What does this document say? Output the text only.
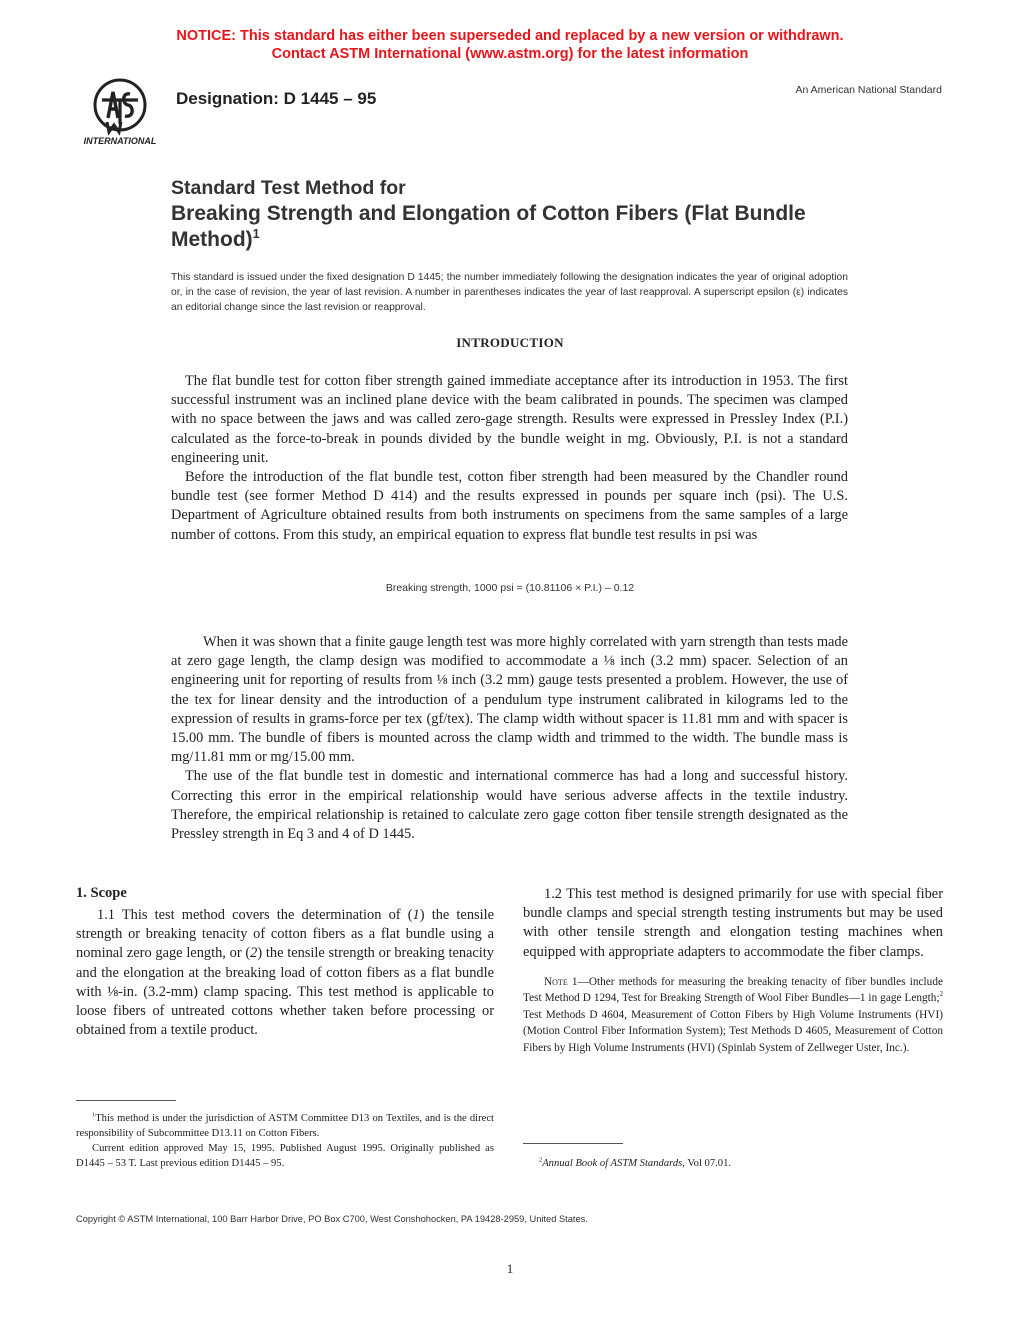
NOTICE: This standard has either been superseded and replaced by a new version or withdrawn.
Contact ASTM International (www.astm.org) for the latest information
INTERNATIONAL
Designation: D 1445 – 95	An American National Standard
Standard Test Method for
Breaking Strength and Elongation of Cotton Fibers (Flat Bundle Method)$^1$
This standard is issued under the fixed designation D 1445; the number immediately following the designation indicates the year of original adoption or, in the case of revision, the year of last revision. A number in parentheses indicates the year of last reapproval. A superscript epsilon (ε) indicates an editorial change since the last revision or reapproval.
INTRODUCTION

The flat bundle test for cotton fiber strength gained immediate acceptance after its introduction in 1953. The first successful instrument was an inclined plane device with the beam calibrated in pounds. The specimen was clamped with no space between the jaws and was called zero-gage strength. Results were expressed in Pressley Index (P.I.) calculated as the force-to-break in pounds divided by the bundle weight in mg. Obviously, P.I. is not a standard engineering unit.

Before the introduction of the flat bundle test, cotton fiber strength had been measured by the Chandler round bundle test (see former Method D 414) and the results expressed in pounds per square inch (psi). The U.S. Department of Agriculture obtained results from both instruments on specimens from the same samples of a large number of cottons. From this study, an empirical equation to express flat bundle test results in psi was

Breaking strength, 1000 psi = (10.81106 × P.I.) – 0.12

When it was shown that a finite gauge length test was more highly correlated with yarn strength than tests made at zero gage length, the clamp design was modified to accommodate a ⅛ inch (3.2 mm) spacer. Selection of an engineering unit for reporting of results from ⅛ inch (3.2 mm) gauge tests presented a problem. However, the use of the tex for linear density and the introduction of a pendulum type instrument calibrated in kilograms led to the expression of results in grams-force per tex (gf/tex). The clamp width without spacer is 11.81 mm and with spacer is 15.00 mm. The bundle of fibers is mounted across the clamp width and trimmed to the width. The bundle mass is mg/11.81 mm or mg/15.00 mm.

The use of the flat bundle test in domestic and international commerce has had a long and successful history. Correcting this error in the empirical relationship would have serious adverse affects in the textile industry. Therefore, the empirical relationship is retained to calculate zero gage cotton fiber tensile strength designated as the Pressley strength in Eq 3 and 4 of D 1445.

1. Scope

1.1 This test method covers the determination of (1) the tensile strength or breaking tenacity of cotton fibers as a flat bundle using a nominal zero gage length, or (2) the tensile strength or breaking tenacity and the elongation at the breaking load of cotton fibers as a flat bundle with ⅛-in. (3.2-mm) clamp spacing. This test method is applicable to loose fibers of untreated cottons whether taken before processing or obtained from a textile product.

1.2 This test method is designed primarily for use with special fiber bundle clamps and special strength testing instruments but may be used with other tensile strength and elongation testing machines when equipped with appropriate adapters to accommodate the fiber clamps.

Note 1—Other methods for measuring the breaking tenacity of fiber bundles include Test Method D 1294, Test for Breaking Strength of Wool Fiber Bundles—1 in gage Length;$^2$ Test Methods D 4604, Measurement of Cotton Fibers by High Volume Instruments (HVI) (Motion Control Fiber Information System); Test Methods D 4605, Measurement of Cotton Fibers by High Volume Instruments (HVI) (Spinlab System of Zellweger Uster, Inc.).
$^1$This method is under the jurisdiction of ASTM Committee D13 on Textiles, and is the direct responsibility of Subcommittee D13.11 on Cotton Fibers.
Current edition approved May 15, 1995. Published August 1995. Originally published as D1445 – 53 T. Last previous edition D1445 – 95.	$^2$Annual Book of ASTM Standards, Vol 07.01.
Copyright © ASTM International, 100 Barr Harbor Drive, PO Box C700, West Conshohocken, PA 19428-2959, United States.
1
